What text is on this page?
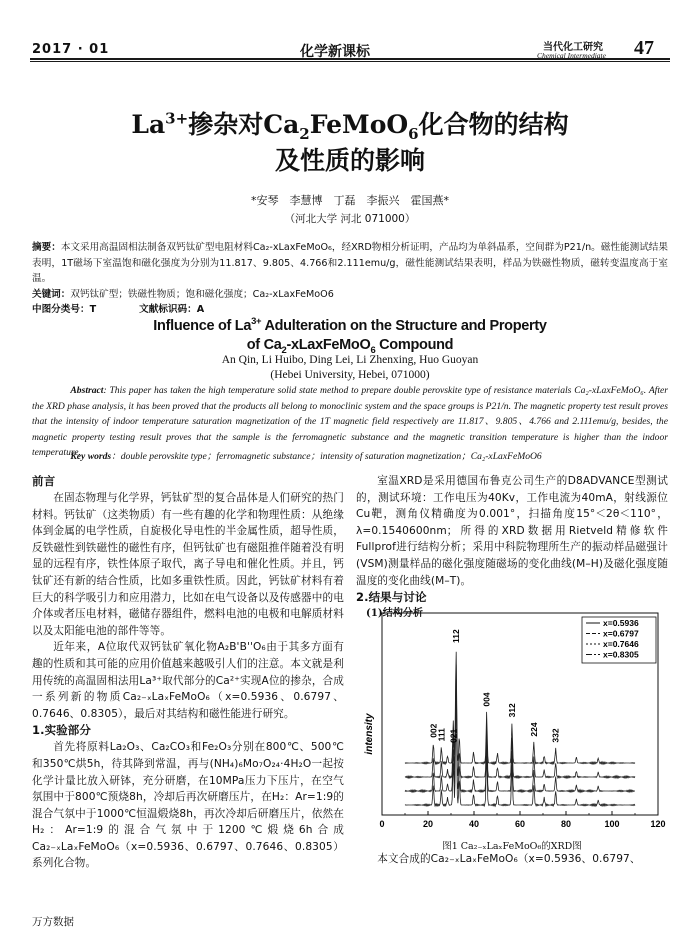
2017 · 01	化学新课标	当代化工研究
Chemical Intermediate 47
$La^{3+}$掺杂对$Ca_2FeMoO_6$化合物的结构
及性质的影响
*安琴　李慧博　丁磊　李振兴　霍国燕*
（河北大学 河北 071000）
摘要：本文采用高温固相法制备双钙钛矿型电阻材料Ca₂-xLaxFeMoO₆，经XRD物相分析证明，产品均为单斜晶系，空间群为P21/n。磁性能测试结果表明，1T磁场下室温饱和磁化强度为分别为11.817、9.805、4.766和2.111emu/g，磁性能测试结果表明，样品为铁磁性物质，磁转变温度高于室温。
关键词：双钙钛矿型；铁磁性物质；饱和磁化强度；Ca₂-xLaxFeMoO6
中图分类号：T	文献标识码：A
Influence of $La^{3+}$ Adulteration on the Structure and Property
of $Ca_2-xLaxFeMoO_6$ Compound
An Qin, Li Huibo, Ding Lei, Li Zhenxing, Huo Guoyan
(Hebei University, Hebei, 071000)
Abstract: This paper has taken the high temperature solid state method to prepare double perovskite type of resistance materials Ca₂-xLaxFeMoO₆. After the XRD phase analysis, it has been proved that the products all belong to monoclinic system and the space groups is P21/n. The magnetic property test result proves that the intensity of indoor temperature saturation magnetization of the 1T magnetic field respectively are 11.817、9.805、4.766 and 2.111emu/g, besides, the magnetic property testing result proves that the sample is the ferromagnetic substance and the magnetic transition temperature is higher than the indoor temperature.
Key words：double perovskite type；ferromagnetic substance；intensity of saturation magnetization；Ca₂-xLaxFeMoO6
前言

在固态物理与化学界，钙钛矿型的复合晶体是人们研究的热门材料。钙钛矿（这类物质）有一些有趣的化学和物理性质：从绝缘体到金属的电学性质，自旋极化导电性的半金属性质，超导性质，反铁磁性到铁磁性的磁性有序，但钙钛矿也有磁阻推伴随着没有明显的远程有序，铁性体原子取代，离子导电和催化性质。并且，钙钛矿还有新的结合性质，比如多重铁性质。因此，钙钛矿材料有着巨大的科学吸引力和应用潜力，比如在电气设备以及传感器中的电介体或者压电材料，磁储存器组件，燃料电池的电极和电解质材料以及太阳能电池的部件等等。

近年来，A位取代双钙钛矿氧化物A₂B'B''O₆由于其多方面有趣的性质和其可能的应用价值越来越吸引人们的注意。本文就是利用传统的高温固相法用La³⁺取代部分的Ca²⁺实现A位的掺杂，合成一系列新的物质Ca₂₋ₓLaₓFeMoO₆（x=0.5936、0.6797、0.7646、0.8305），最后对其结构和磁性能进行研究。

1.实验部分

首先将原料La₂O₃、Ca₂CO₃和Fe₂O₃分别在800℃、500℃和350℃烘5h，待其降到常温，再与(NH₄)₆Mo₇O₂₄·4H₂O一起按化学计量比放入研钵，充分研磨，在10MPa压力下压片，在空气氛围中于800℃预烧8h，冷却后再次研磨压片，在H₂：Ar=1:9的混合气氛中于1000℃恒温煅烧8h，再次冷却后研磨压片，依然在H₂：Ar=1:9的混合气氛中于1200℃煅烧6h合成Ca₂₋ₓLaₓFeMoO₆（x=0.5936、0.6797、0.7646、0.8305）系列化合物。

室温XRD是采用德国布鲁克公司生产的D8ADVANCE型测试的，测试环境：工作电压为40Kv，工作电流为40mA，射线源位Cu靶，测角仪精确度为0.001°，扫描角度15°＜2θ＜110°，λ=0.1540600nm；所得的XRD数据用Rietveld精修软件Fullprof进行结构分析；采用中科院物理所生产的振动样品磁强计(VSM)测量样品的磁化强度随磁场的变化曲线(M–H)及磁化强度随温度的变化曲线(M–T)。

2.结果与讨论
(1)结构分析
0	20	40	60	80	100	120
intensity	002
111
112
021
004
312
224 332
x=0.5936
x=0.6797
x=0.7646
x=0.8305
图1 Ca₂₋ₓLaₓFeMoO₆的XRD图

本文合成的Ca₂₋ₓLaₓFeMoO₆（x=0.5936、0.6797、

万方数据
